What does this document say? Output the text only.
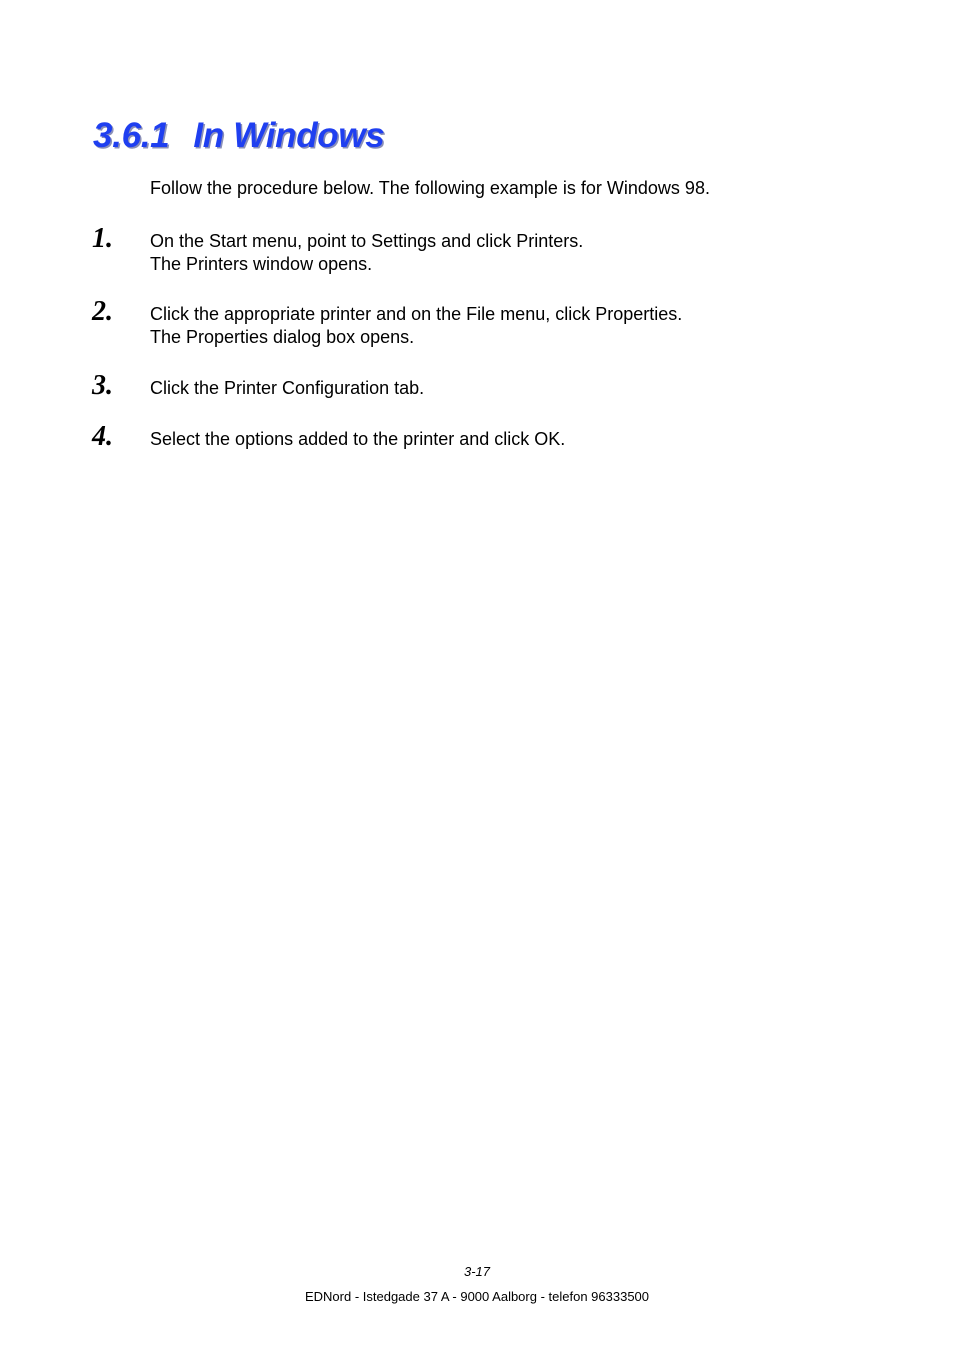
3.6.1 In Windows
Follow the procedure below. The following example is for Windows 98.
1. On the Start menu, point to Settings and click Printers.
The Printers window opens.
2. Click the appropriate printer and on the File menu, click Properties.
The Properties dialog box opens.
3. Click the Printer Configuration tab.
4. Select the options added to the printer and click OK.
3-17
EDNord - Istedgade 37 A - 9000 Aalborg - telefon 96333500
